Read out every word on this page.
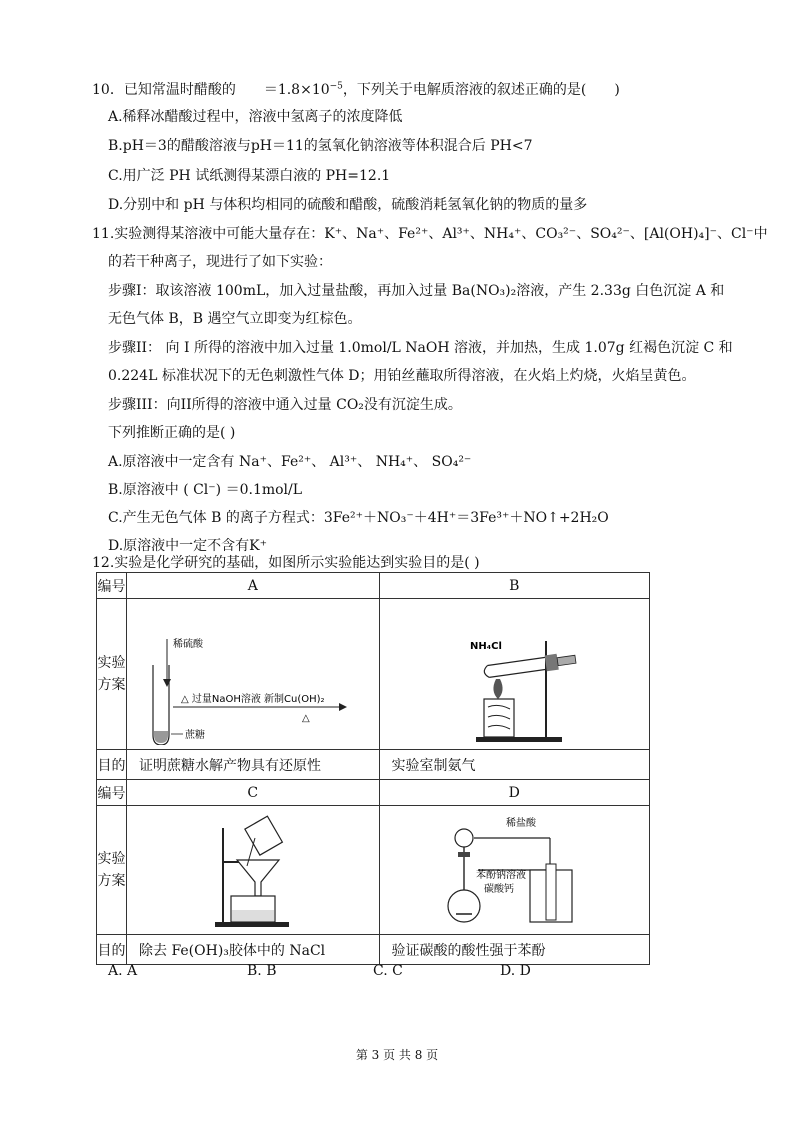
10．已知常温时醋酸的 $=1.8\times 10^{-5}$，下列关于电解质溶液的叙述正确的是( )
A.稀释冰醋酸过程中，溶液中氢离子的浓度降低
B.pH＝3的醋酸溶液与pH＝11的氢氧化钠溶液等体积混合后 PH<7
C.用广泛 PH 试纸测得某漂白液的 PH=12.1
D.分别中和 pH 与体积均相同的硫酸和醋酸，硫酸消耗氢氧化钠的物质的量多
11.实验测得某溶液中可能大量存在：K⁺、Na⁺、Fe²⁺、Al³⁺、NH₄⁺、CO₃²⁻、SO₄²⁻、[Al(OH)₄]⁻、Cl⁻中
的若干种离子，现进行了如下实验：
步骤I：取该溶液 100mL，加入过量盐酸，再加入过量 Ba(NO₃)₂溶液，产生 2.33g 白色沉淀 A 和
无色气体 B，B 遇空气立即变为红棕色。
步骤II： 向 I 所得的溶液中加入过量 1.0mol/L NaOH 溶液，并加热，生成 1.07g 红褐色沉淀 C 和
0.224L 标准状况下的无色刺激性气体 D；用铂丝蘸取所得溶液，在火焰上灼烧，火焰呈黄色。
步骤III：向II所得的溶液中通入过量 CO₂没有沉淀生成。
下列推断正确的是( )
A.原溶液中一定含有 Na⁺、Fe²⁺、 Al³⁺、 NH₄⁺、 SO₄²⁻
B.原溶液中 ( Cl⁻) ＝0.1mol/L
C.产生无色气体 B 的离子方程式：3Fe²⁺＋NO₃⁻＋4H⁺＝3Fe³⁺＋NO↑+2H₂O
D.原溶液中一定不含有K⁺
12.实验是化学研究的基础，如图所示实验能达到实验目的是( )
编号	A	B

实验方案	稀硫酸
蔗糖
△ 过量NaOH溶液 新制Cu(OH)₂
△	NH₄Cl

目的	证明蔗糖水解产物具有还原性	实验室制氨气
编号	C	D

实验方案		稀盐酸
苯酚钠溶液
碳酸钙

目的	除去 Fe(OH)₃胶体中的 NaCl	验证碳酸的酸性强于苯酚
A. A	B. B	C. C	D. D
第 3 页 共 8 页
